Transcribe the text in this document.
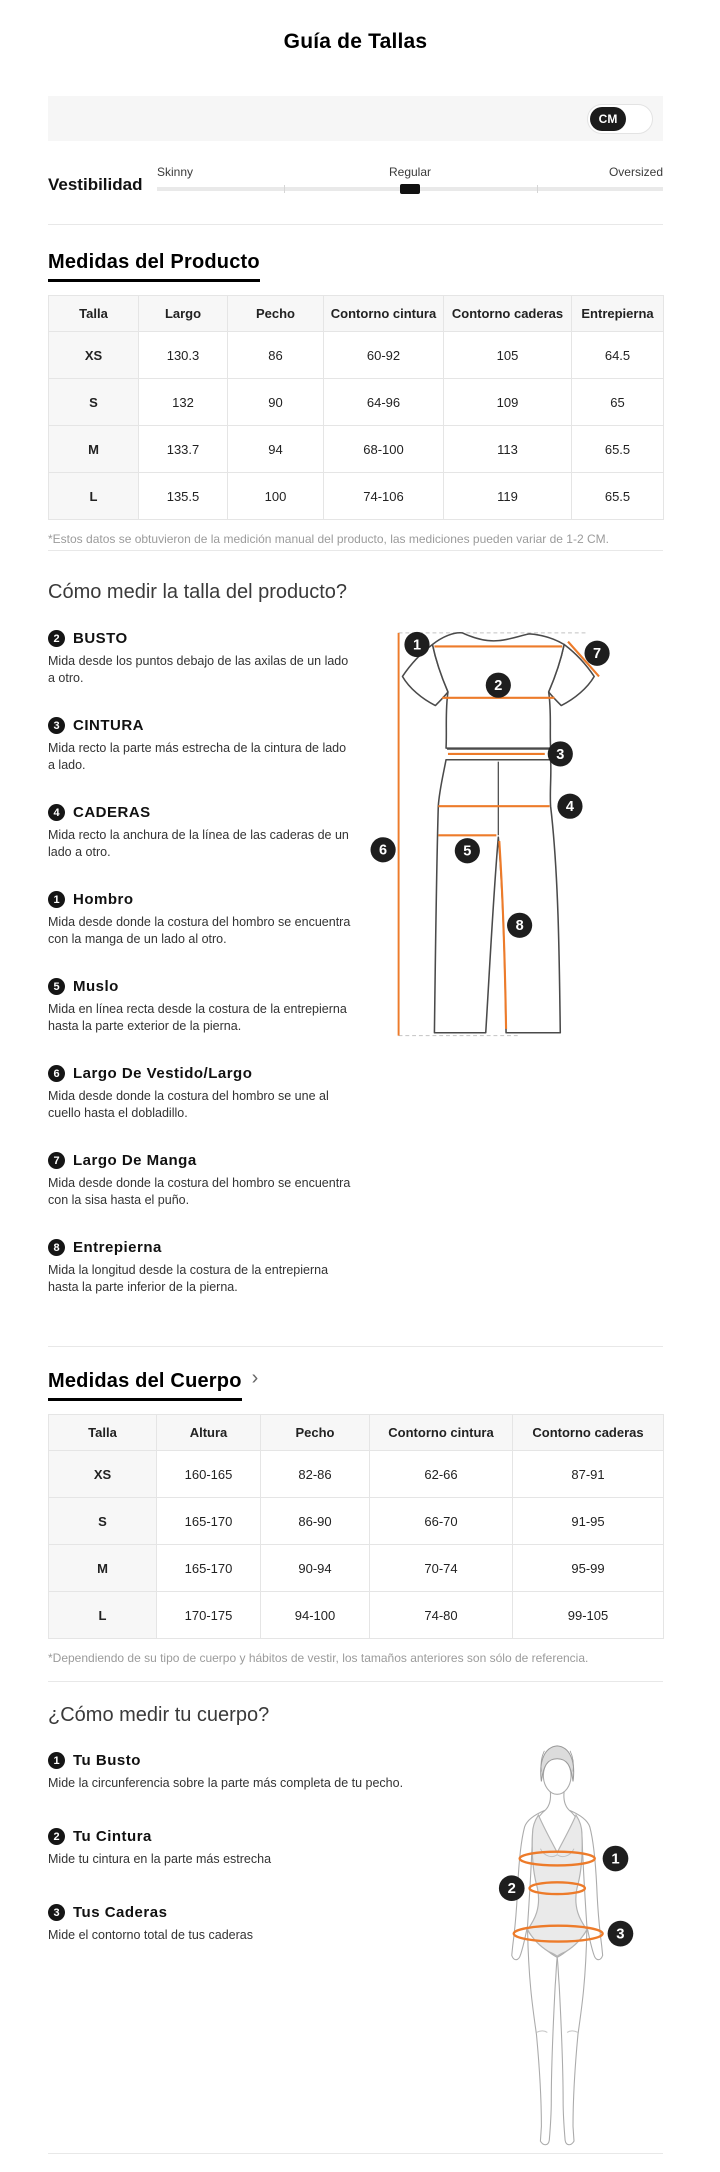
Guía de Tallas
CM
Vestibilidad
Skinny	Regular	Oversized
Medidas del Producto
Talla	Largo	Pecho	Contorno cintura	Contorno caderas	Entrepierna
XS	130.3	86	60-92	105	64.5
S	132	90	64-96	109	65
M	133.7	94	68-100	113	65.5
L	135.5	100	74-106	119	65.5

*Estos datos se obtuvieron de la medición manual del producto, las mediciones pueden variar de 1-2 CM.

Cómo medir la talla del producto?
2 BUSTO

Mida desde los puntos debajo de las axilas de un lado a otro.

3 CINTURA

Mida recto la parte más estrecha de la cintura de lado a lado.

4 CADERAS

Mida recto la anchura de la línea de las caderas de un lado a otro.

1 Hombro

Mida desde donde la costura del hombro se encuentra con la manga de un lado al otro.

5 Muslo

Mida en línea recta desde la costura de la entrepierna hasta la parte exterior de la pierna.

6 Largo De Vestido/Largo

Mida desde donde la costura del hombro se une al cuello hasta el dobladillo.

7 Largo De Manga

Mida desde donde la costura del hombro se encuentra con la sisa hasta el puño.

8 Entrepierna

Mida la longitud desde la costura de la entrepierna hasta la parte inferior de la pierna.

1
2
3
4
5
6
7
8
Medidas del Cuerpo ›
Talla	Altura	Pecho	Contorno cintura	Contorno caderas
XS	160-165	82-86	62-66	87-91
S	165-170	86-90	66-70	91-95
M	165-170	90-94	70-74	95-99
L	170-175	94-100	74-80	99-105

*Dependiendo de su tipo de cuerpo y hábitos de vestir, los tamaños anteriores son sólo de referencia.

¿Cómo medir tu cuerpo?
1 Tu Busto

Mide la circunferencia sobre la parte más completa de tu pecho.

2 Tu Cintura

Mide tu cintura en la parte más estrecha

3 Tus Caderas

Mide el contorno total de tus caderas

1
2
3
